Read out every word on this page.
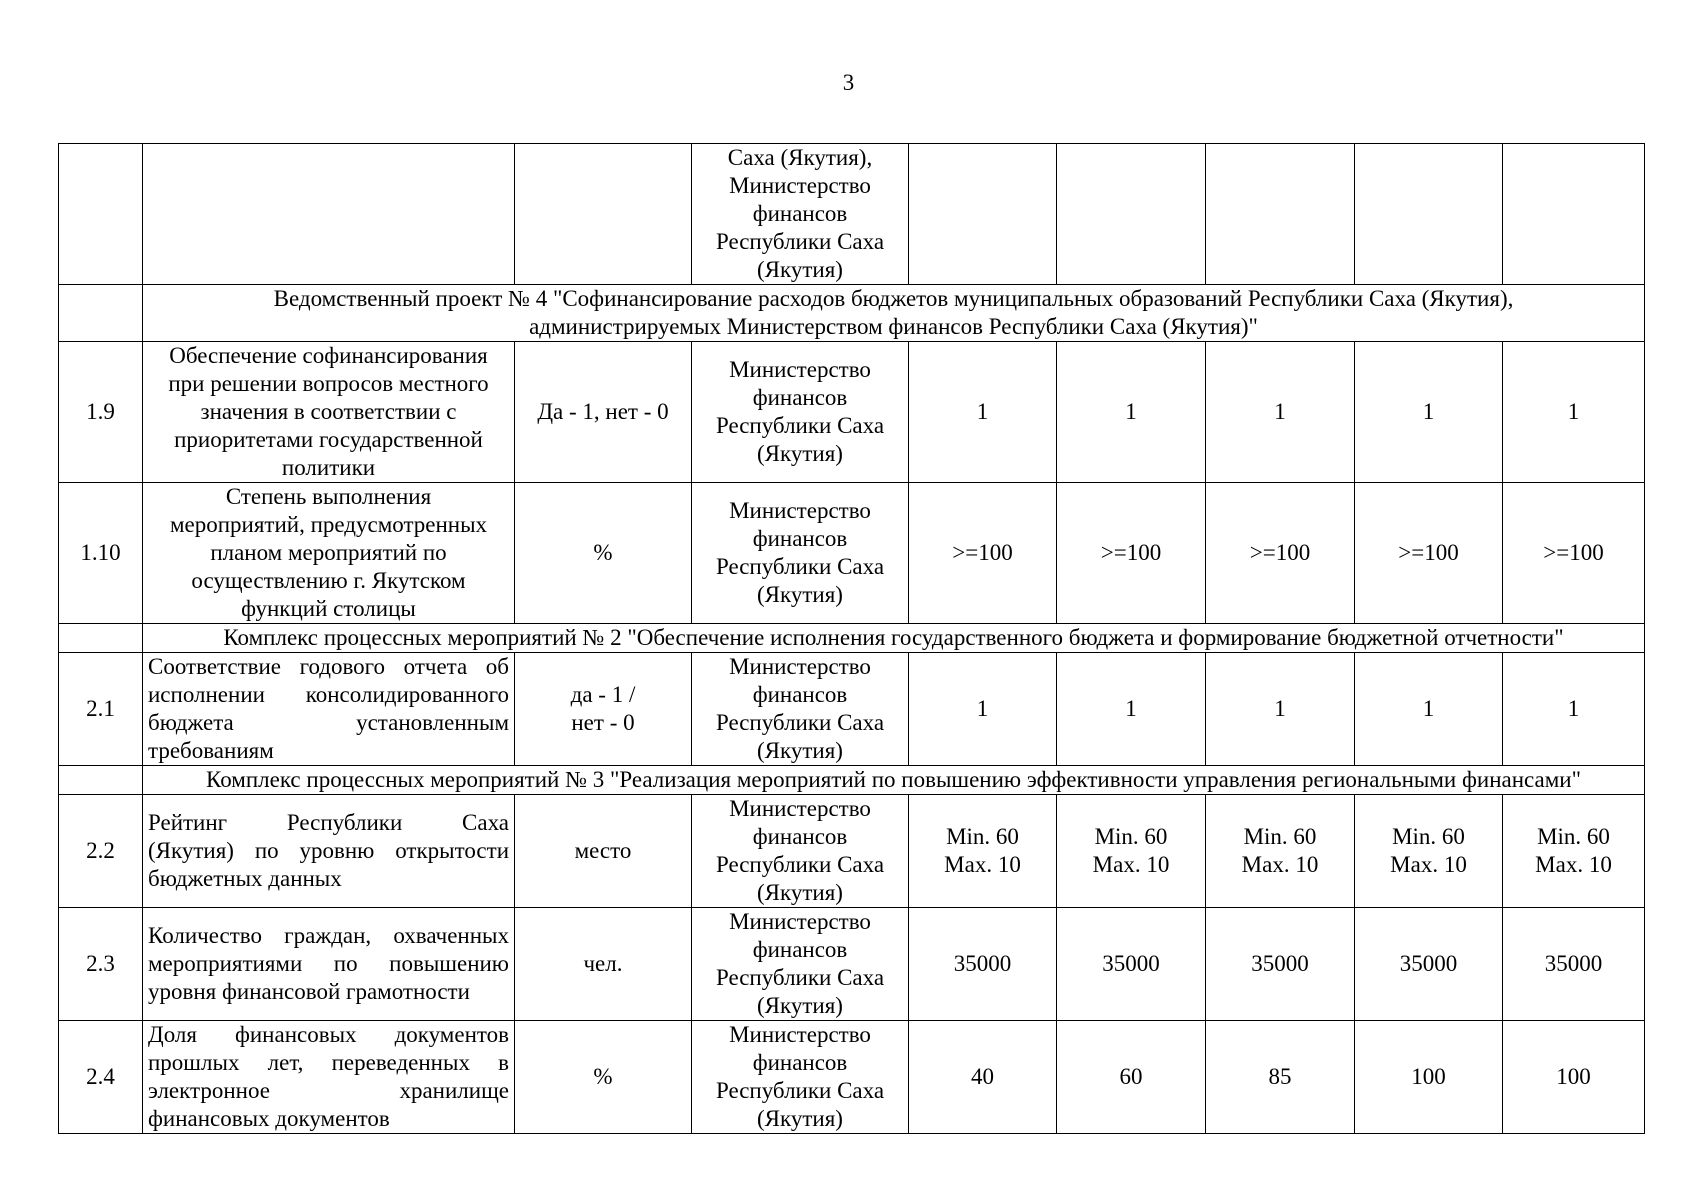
3

			Саха (Якутия),
Министерство
финансов
Республики Саха
(Якутия)					

	Ведомственный проект № 4 "Софинансирование расходов бюджетов муниципальных образований Республики Саха (Якутия),
администрируемых Министерством финансов Республики Саха (Якутия)"							

1.9	Обеспечение софинансирования
при решении вопросов местного
значения в соответствии с
приоритетами государственной
политики	Да - 1, нет - 0	Министерство
финансов
Республики Саха
(Якутия)	1	1	1	1	1
1.10	Степень выполнения
мероприятий, предусмотренных
планом мероприятий по
осуществлению г. Якутском
функций столицы	%	Министерство
финансов
Республики Саха
(Якутия)	>=100	>=100	>=100	>=100	>=100

	Комплекс процессных мероприятий № 2 "Обеспечение исполнения государственного бюджета и формирование бюджетной отчетности"							

2.1	Соответствие годового отчета об
исполнении консолидированного
бюджета установленным
требованиям	да - 1 /
нет - 0	Министерство
финансов
Республики Саха
(Якутия)	1	1	1	1	1

	Комплекс процессных мероприятий № 3 "Реализация мероприятий по повышению эффективности управления региональными финансами"							

2.2	Рейтинг Республики Саха
(Якутия) по уровню открытости
бюджетных данных	место	Министерство
финансов
Республики Саха
(Якутия)	Min. 60
Max. 10	Min. 60
Max. 10	Min. 60
Max. 10	Min. 60
Max. 10	Min. 60
Max. 10
2.3	Количество граждан, охваченных
мероприятиями по повышению
уровня финансовой грамотности	чел.	Министерство
финансов
Республики Саха
(Якутия)	35000	35000	35000	35000	35000
2.4	Доля финансовых документов
прошлых лет, переведенных в
электронное хранилище
финансовых документов	%	Министерство
финансов
Республики Саха
(Якутия)	40	60	85	100	100
